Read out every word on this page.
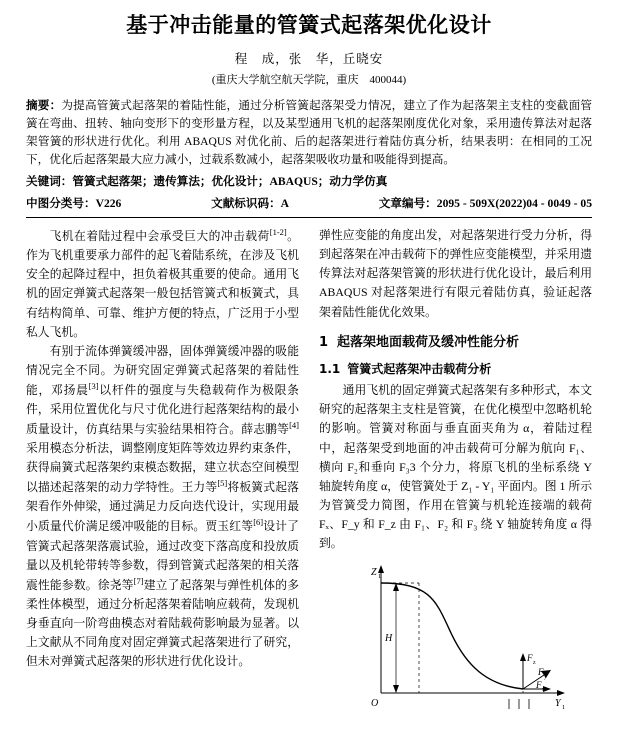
基于冲击能量的管簧式起落架优化设计
程　成，张　华，丘晓安
(重庆大学航空航天学院，重庆　400044)
摘要：为提高管簧式起落架的着陆性能，通过分析管簧起落架受力情况，建立了作为起落架主支柱的变截面管簧在弯曲、扭转、轴向变形下的变形量方程，以及某型通用飞机的起落架刚度优化对象，采用遗传算法对起落架管簧的形状进行优化。利用 ABAQUS 对优化前、后的起落架进行着陆仿真分析，结果表明：在相同的工况下，优化后起落架最大应力减小，过载系数减小，起落架吸收功量和吸能得到提高。
关键词：管簧式起落架；遗传算法；优化设计；ABAQUS；动力学仿真
中图分类号：V226	文献标识码：A	文章编号：2095 - 509X(2022)04 - 0049 - 05

飞机在着陆过程中会承受巨大的冲击载荷[1-2]。作为飞机重要承力部件的起飞着陆系统，在涉及飞机安全的起降过程中，担负着极其重要的使命。通用飞机的固定弹簧式起落架一般包括管簧式和板簧式，具有结构简单、可靠、维护方便的特点，广泛用于小型私人飞机。

有别于流体弹簧缓冲器，固体弹簧缓冲器的吸能情况完全不同。为研究固定弹簧式起落架的着陆性能，邓扬晨[3]以杆件的强度与失稳载荷作为极限条件，采用位置优化与尺寸优化进行起落架结构的最小质量设计，仿真结果与实验结果相符合。薛志鹏等[4]采用模态分析法，调整刚度矩阵等效边界约束条件，获得扁簧式起落架约束模态数据，建立状态空间模型以描述起落架的动力学特性。王力等[5]将板簧式起落架看作外伸梁，通过满足力反向迭代设计，实现用最小质量代价满足缓冲吸能的目标。贾玉红等[6]设计了管簧式起落架落震试验，通过改变下落高度和投放质量以及机轮带转等参数，得到管簧式起落架的相关落震性能参数。徐尧等[7]建立了起落架与弹性机体的多柔性体模型，通过分析起落架着陆响应载荷，发现机身垂直向一阶弯曲模态对着陆载荷影响最为显著。以上文献从不同角度对固定弹簧式起落架进行了研究，但未对弹簧式起落架的形状进行优化设计。

弹性应变能的角度出发，对起落架进行受力分析，得到起落架在冲击载荷下的弹性应变能模型，并采用遗传算法对起落架管簧的形状进行优化设计，最后利用 ABAQUS 对起落架进行有限元着陆仿真，验证起落架着陆性能优化效果。

1 起落架地面载荷及缓冲性能分析
1.1 管簧式起落架冲击载荷分析

通用飞机的固定弹簧式起落架有多种形式，本文研究的起落架主支柱是管簧，在优化模型中忽略机轮的影响。管簧对称面与垂直面夹角为 α，着陆过程中，起落架受到地面的冲击载荷可分解为航向 F₁、横向 F₂和垂向 F₃3 个分力，将原飞机的坐标系绕 Y 轴旋转角度 α，使管簧处于 Z₁ - Y₁ 平面内。图 1 所示为管簧受力简图，作用在管簧与机轮连接端的载荷 Fₓ、F_y 和 F_z 由 F₁、F₂ 和 F₃ 绕 Y 轴旋转角度 α 得到。

Z 1
Y 1
O
H
F z
F y
F x
